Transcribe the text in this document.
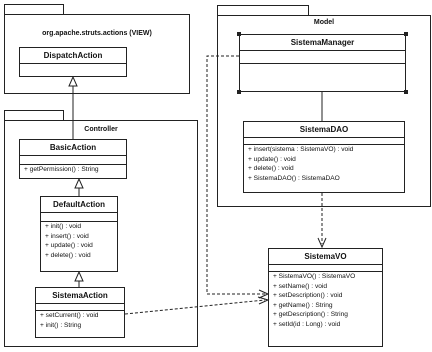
org.apache.struts.actions (VIEW)
Controller
Model
DispatchAction
BasicAction
+ getPermission() : String
DefaultAction
+ init() : void
+ insert() : void
+ update() : void
+ delete() : void
SistemaAction
+ setCurrent() : void
+ init() : String
SistemaManager
SistemaDAO
+ insert(sistema : SistemaVO) : void
+ update() : void
+ delete() : void
+ SistemaDAO() : SistemaDAO
SistemaVO
+ SistemaVO() : SistemaVO
+ setName() : void
+ setDescription() : void
+ getName() : String
+ getDescription() : String
+ setId(id : Long) : void
